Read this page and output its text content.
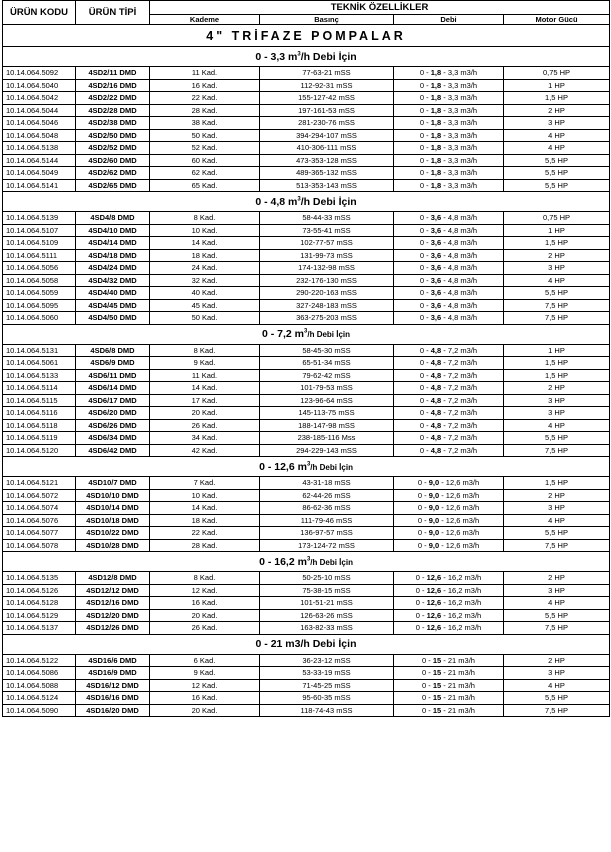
ÜRÜN KODU	ÜRÜN TİPİ	TEKNİK ÖZELLİKLER			
		Kademe	Basınç	Debi	Motor Gücü
4" TRİFAZE POMPALAR					
0 - 3,3 $m^3/h$ Debi İçin					
10.14.064.5092	4SD2/11 DMD	11 Kad.	77-63-21 mSS	0 - 1,8 - 3,3 m3/h	0,75 HP
10.14.064.5040	4SD2/16 DMD	16 Kad.	112-92-31 mSS	0 - 1,8 - 3,3 m3/h	1 HP
10.14.064.5042	4SD2/22 DMD	22 Kad.	155-127-42 mSS	0 - 1,8 - 3,3 m3/h	1,5 HP
10.14.064.5044	4SD2/28 DMD	28 Kad.	197-161-53 mSS	0 - 1,8 - 3,3 m3/h	2 HP
10.14.064.5046	4SD2/38 DMD	38 Kad.	281-230-76 mSS	0 - 1,8 - 3,3 m3/h	3 HP
10.14.064.5048	4SD2/50 DMD	50 Kad.	394-294-107 mSS	0 - 1,8 - 3,3 m3/h	4 HP
10.14.064.5138	4SD2/52 DMD	52 Kad.	410-306-111 mSS	0 - 1,8 - 3,3 m3/h	4 HP
10.14.064.5144	4SD2/60 DMD	60 Kad.	473-353-128 mSS	0 - 1,8 - 3,3 m3/h	5,5 HP
10.14.064.5049	4SD2/62 DMD	62 Kad.	489-365-132 mSS	0 - 1,8 - 3,3 m3/h	5,5 HP
10.14.064.5141	4SD2/65 DMD	65 Kad.	513-353-143 mSS	0 - 1,8 - 3,3 m3/h	5,5 HP
0 - 4,8 $m^3/h$ Debi İçin					
10.14.064.5139	4SD4/8 DMD	8 Kad.	58-44-33 mSS	0 - 3,6 - 4,8 m3/h	0,75 HP
10.14.064.5107	4SD4/10 DMD	10 Kad.	73-55-41 mSS	0 - 3,6 - 4,8 m3/h	1 HP
10.14.064.5109	4SD4/14 DMD	14 Kad.	102-77-57 mSS	0 - 3,6 - 4,8 m3/h	1,5 HP
10.14.064.5111	4SD4/18 DMD	18 Kad.	131-99-73 mSS	0 - 3,6 - 4,8 m3/h	2 HP
10.14.064.5056	4SD4/24 DMD	24 Kad.	174-132-98 mSS	0 - 3,6 - 4,8 m3/h	3 HP
10.14.064.5058	4SD4/32 DMD	32 Kad.	232-176-130 mSS	0 - 3,6 - 4,8 m3/h	4 HP
10.14.064.5059	4SD4/40 DMD	40 Kad.	290-220-163 mSS	0 - 3,6 - 4,8 m3/h	5,5 HP
10.14.064.5095	4SD4/45 DMD	45 Kad.	327-248-183 mSS	0 - 3,6 - 4,8 m3/h	7,5 HP
10.14.064.5060	4SD4/50 DMD	50 Kad.	363-275-203 mSS	0 - 3,6 - 4,8 m3/h	7,5 HP
0 - 7,2 $m^3/h$ Debi İçin					
10.14.064.5131	4SD6/8 DMD	8 Kad.	58-45-30 mSS	0 - 4,8 - 7,2 m3/h	1 HP
10.14.064.5061	4SD6/9 DMD	9 Kad.	65-51-34 mSS	0 - 4,8 - 7,2 m3/h	1,5 HP
10.14.064.5133	4SD6/11 DMD	11 Kad.	79-62-42 mSS	0 - 4,8 - 7,2 m3/h	1,5 HP
10.14.064.5114	4SD6/14 DMD	14 Kad.	101-79-53 mSS	0 - 4,8 - 7,2 m3/h	2 HP
10.14.064.5115	4SD6/17 DMD	17 Kad.	123-96-64 mSS	0 - 4,8 - 7,2 m3/h	3 HP
10.14.064.5116	4SD6/20 DMD	20 Kad.	145-113-75 mSS	0 - 4,8 - 7,2 m3/h	3 HP
10.14.064.5118	4SD6/26 DMD	26 Kad.	188-147-98 mSS	0 - 4,8 - 7,2 m3/h	4 HP
10.14.064.5119	4SD6/34 DMD	34 Kad.	238-185-116 Mss	0 - 4,8 - 7,2 m3/h	5,5 HP
10.14.064.5120	4SD6/42 DMD	42 Kad.	294-229-143 mSS	0 - 4,8 - 7,2 m3/h	7,5 HP
0 - 12,6 $m^3/h$ Debi İçin					
10.14.064.5121	4SD10/7 DMD	7 Kad.	43-31-18 mSS	0 - 9,0 - 12,6 m3/h	1,5 HP
10.14.064.5072	4SD10/10 DMD	10 Kad.	62-44-26 mSS	0 - 9,0 - 12,6 m3/h	2 HP
10.14.064.5074	4SD10/14 DMD	14 Kad.	86-62-36 mSS	0 - 9,0 - 12,6 m3/h	3 HP
10.14.064.5076	4SD10/18 DMD	18 Kad.	111-79-46 mSS	0 - 9,0 - 12,6 m3/h	4 HP
10.14.064.5077	4SD10/22 DMD	22 Kad.	136-97-57 mSS	0 - 9,0 - 12,6 m3/h	5,5 HP
10.14.064.5078	4SD10/28 DMD	28 Kad.	173-124-72 mSS	0 - 9,0 - 12,6 m3/h	7,5 HP
0 - 16,2 $m^3/h$ Debi İçin					
10.14.064.5135	4SD12/8 DMD	8 Kad.	50-25-10 mSS	0 - 12,6 - 16,2 m3/h	2 HP
10.14.064.5126	4SD12/12 DMD	12 Kad.	75-38-15 mSS	0 - 12,6 - 16,2 m3/h	3 HP
10.14.064.5128	4SD12/16 DMD	16 Kad.	101-51-21 mSS	0 - 12,6 - 16,2 m3/h	4 HP
10.14.064.5129	4SD12/20 DMD	20 Kad.	126-63-26 mSS	0 - 12,6 - 16,2 m3/h	5,5 HP
10.14.064.5137	4SD12/26 DMD	26 Kad.	163-82-33 mSS	0 - 12,6 - 16,2 m3/h	7,5 HP
0 - 21 m3/h Debi İçin					
10.14.064.5122	4SD16/6 DMD	6 Kad.	36-23-12 mSS	0 - 15 - 21 m3/h	2 HP
10.14.064.5086	4SD16/9 DMD	9 Kad.	53-33-19 mSS	0 - 15 - 21 m3/h	3 HP
10.14.064.5088	4SD16/12 DMD	12 Kad.	71-45-25 mSS	0 - 15 - 21 m3/h	4 HP
10.14.064.5124	4SD16/16 DMD	16 Kad.	95-60-35 mSS	0 - 15 - 21 m3/h	5,5 HP
10.14.064.5090	4SD16/20 DMD	20 Kad.	118-74-43 mSS	0 - 15 - 21 m3/h	7,5 HP
